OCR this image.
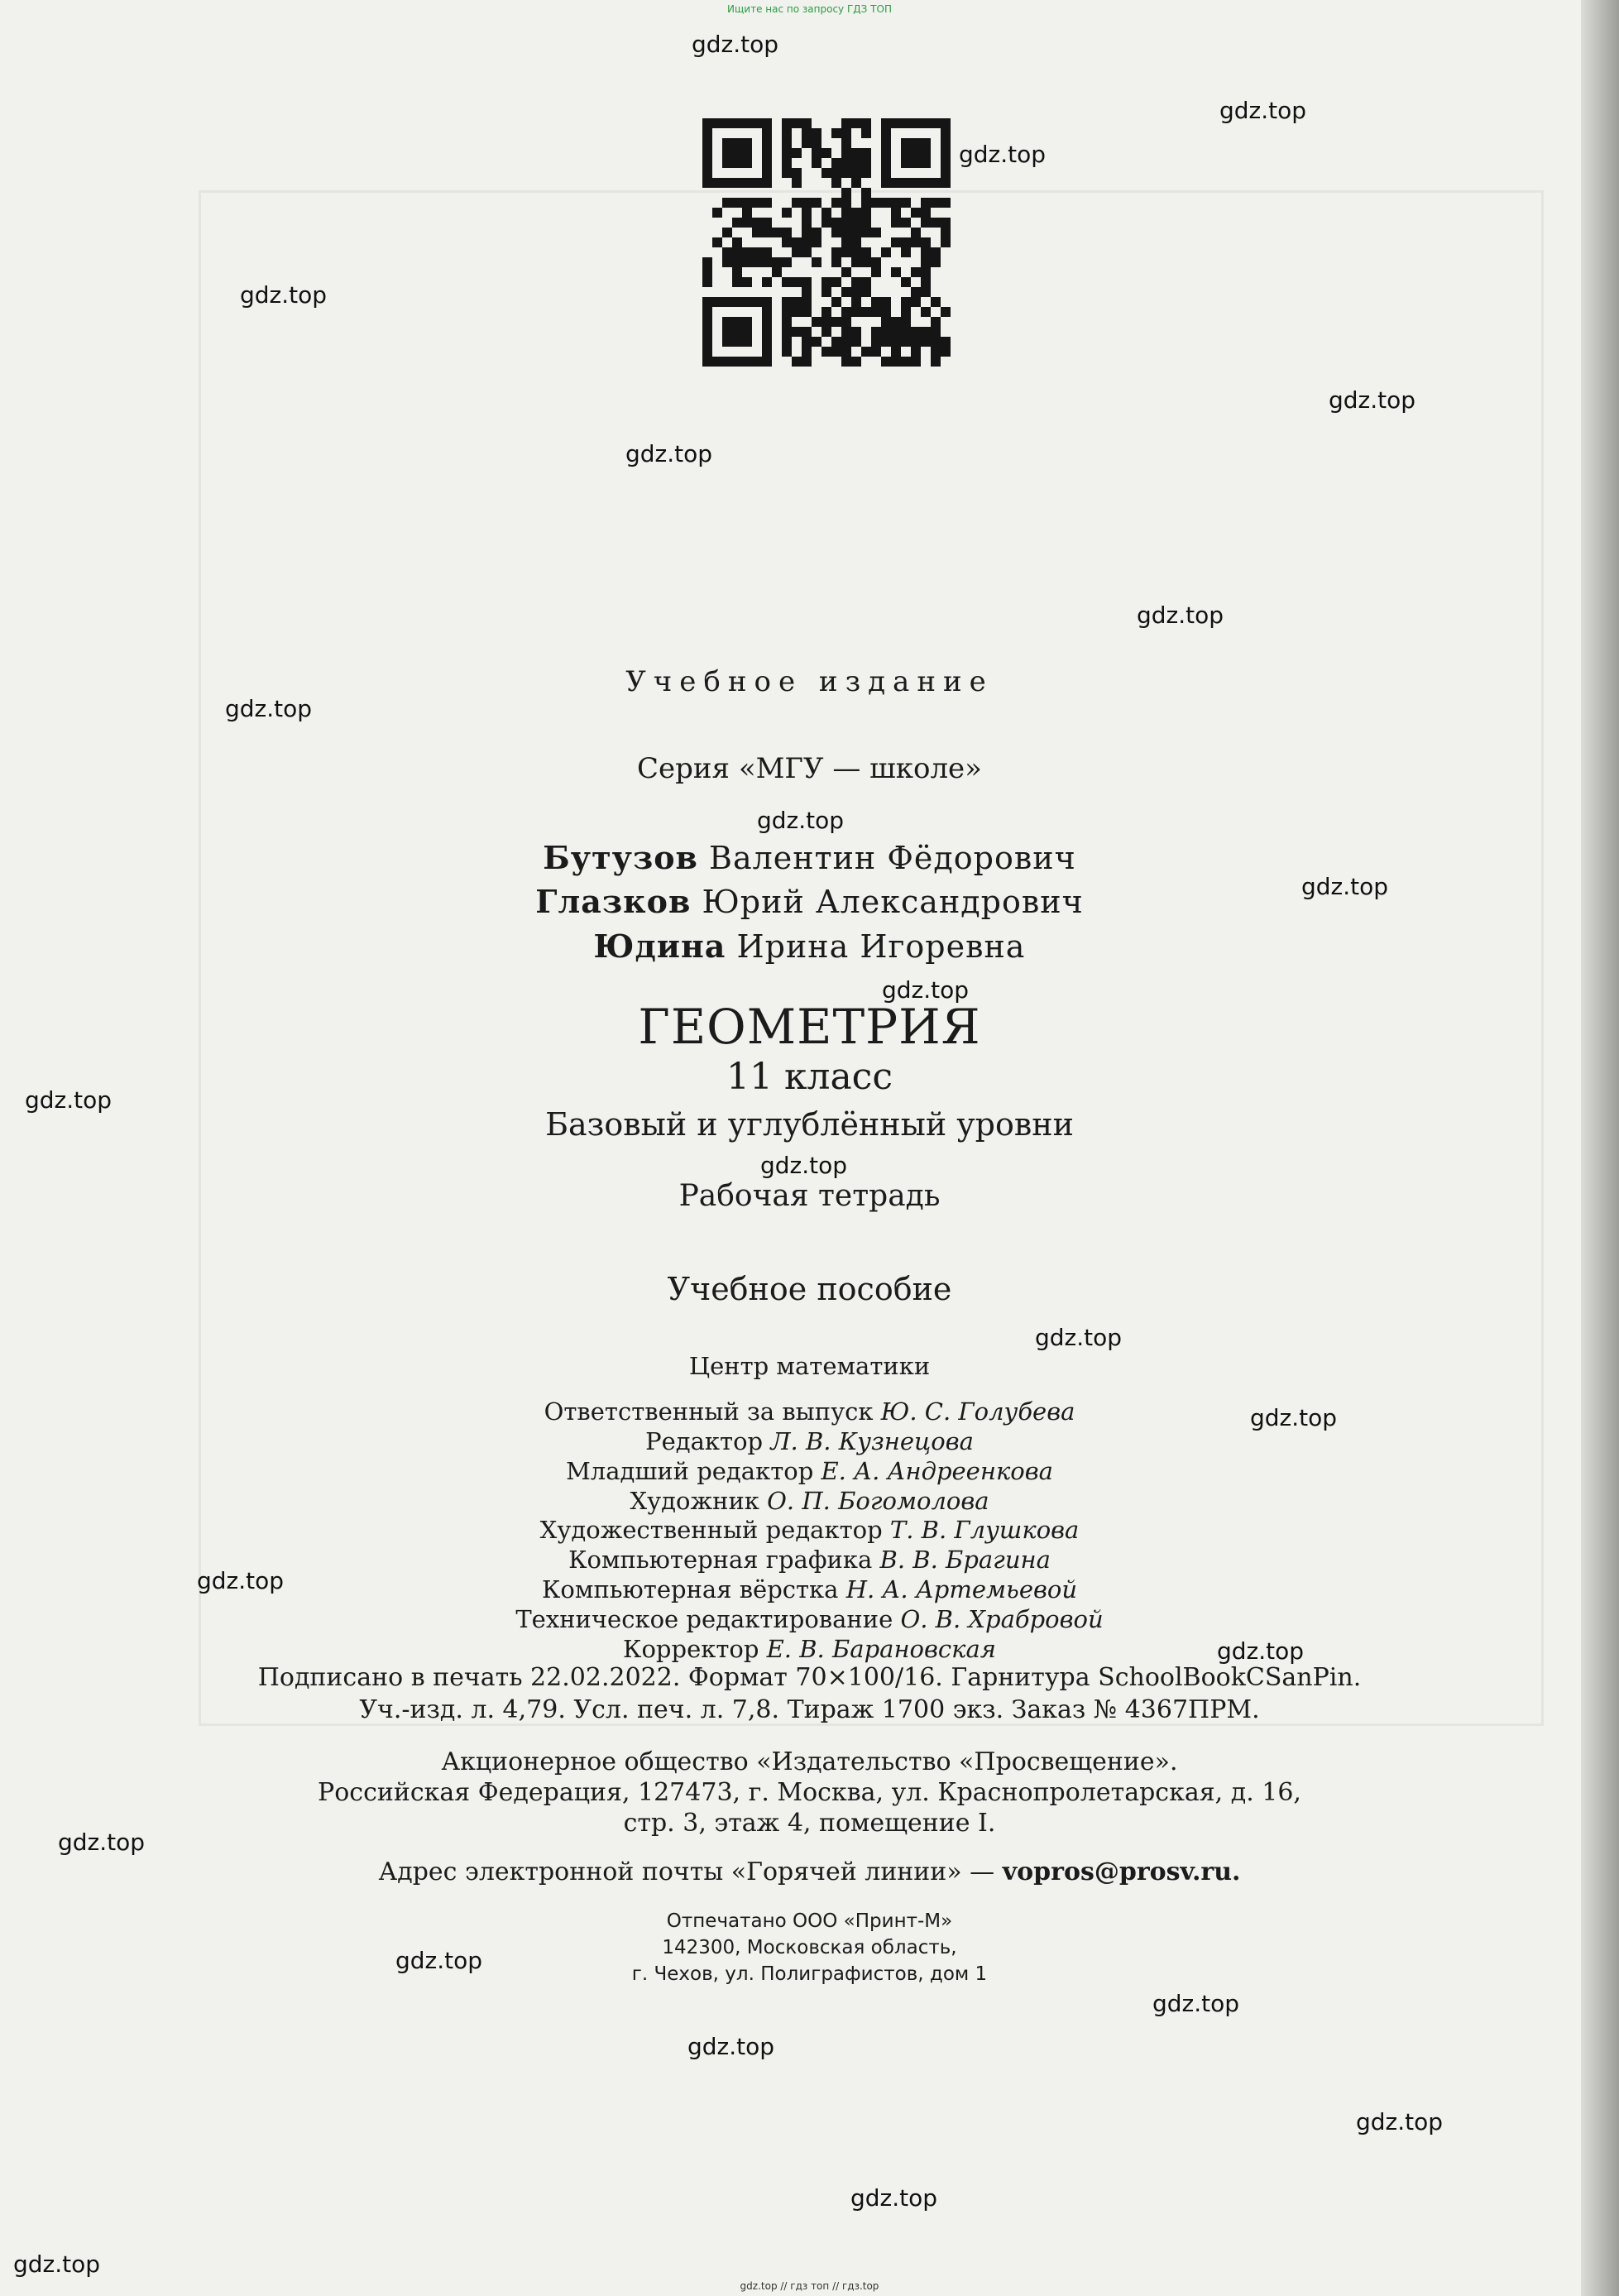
Ищите нас по запросу ГДЗ ТОП
gdz.top
gdz.top
gdz.top
gdz.top
gdz.top
gdz.top
gdz.top
gdz.top
gdz.top
gdz.top
gdz.top
gdz.top
gdz.top
gdz.top
gdz.top
gdz.top
gdz.top
gdz.top
gdz.top
gdz.top
gdz.top
gdz.top
gdz.top
gdz.top
Учебное издание
Серия «МГУ — школе»
Бутузов Валентин Фёдорович
Глазков Юрий Александрович
Юдина Ирина Игоревна
ГЕОМЕТРИЯ
11 класс
Базовый и углублённый уровни
Рабочая тетрадь
Учебное пособие
Центр математики
Ответственный за выпуск Ю. С. Голубева
Редактор Л. В. Кузнецова
Младший редактор Е. А. Андреенкова
Художник О. П. Богомолова
Художественный редактор Т. В. Глушкова
Компьютерная графика В. В. Брагина
Компьютерная вёрстка Н. А. Артемьевой
Техническое редактирование О. В. Храбровой
Корректор Е. В. Барановская
Подписано в печать 22.02.2022. Формат 70×100/16. Гарнитура SchoolBookCSanPin.
Уч.-изд. л. 4,79. Усл. печ. л. 7,8. Тираж 1700 экз. Заказ № 4367ПРМ.
Акционерное общество «Издательство «Просвещение».
Российская Федерация, 127473, г. Москва, ул. Краснопролетарская, д. 16,
стр. 3, этаж 4, помещение I.
Адрес электронной почты «Горячей линии» — vopros@prosv.ru.
Отпечатано ООО «Принт-М»
142300, Московская область,
г. Чехов, ул. Полиграфистов, дом 1
gdz.top // гдз топ // гдз.top
